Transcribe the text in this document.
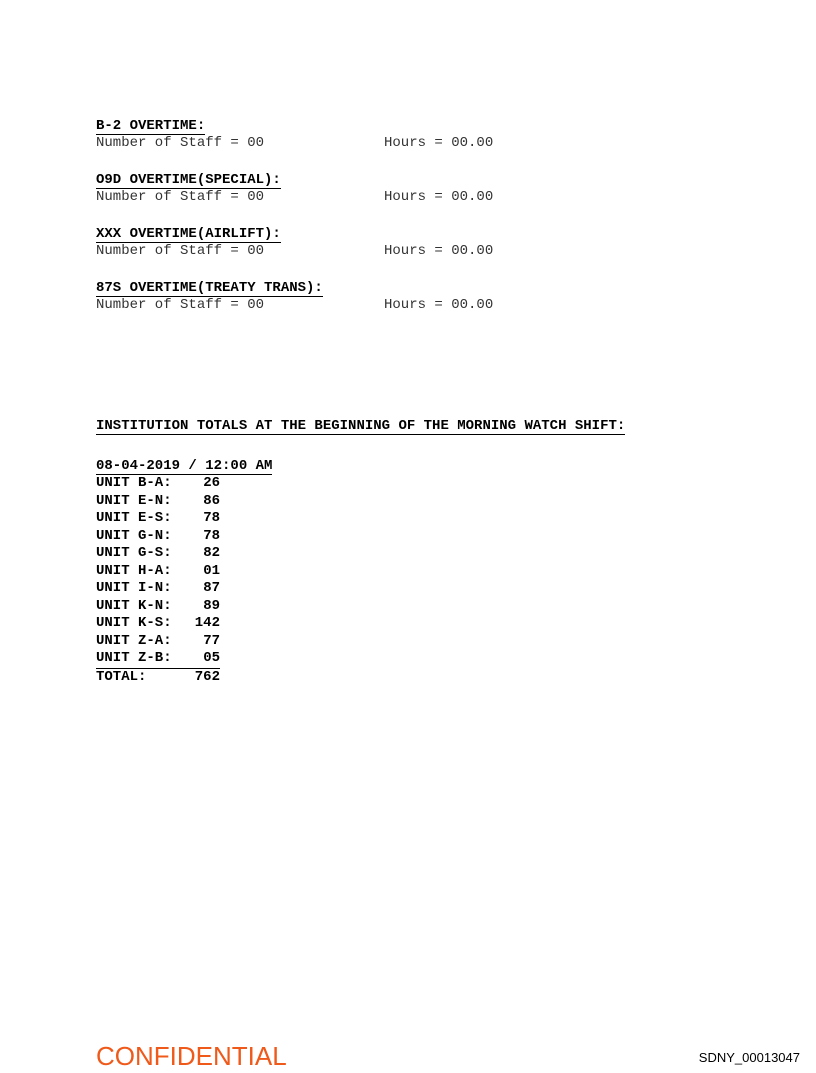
B-2 OVERTIME:

Number of Staff = 00

	Hours = 00.00

O9D OVERTIME(SPECIAL):

Number of Staff = 00

	Hours = 00.00

XXX OVERTIME(AIRLIFT):

Number of Staff = 00

	Hours = 00.00

87S OVERTIME(TREATY TRANS):

Number of Staff = 00

	Hours = 00.00

INSTITUTION TOTALS AT THE BEGINNING OF THE MORNING WATCH SHIFT:
08-04-2019 / 12:00 AM

UNIT B-A:

26

UNIT E-N:

86

UNIT E-S:

78

UNIT G-N:

78

UNIT G-S:

82

UNIT H-A:

01

UNIT I-N:

87

UNIT K-N:

89

UNIT K-S:

142

UNIT Z-A:

77

UNIT Z-B:

05

TOTAL:

	762

CONFIDENTIAL	SDNY_00013047
